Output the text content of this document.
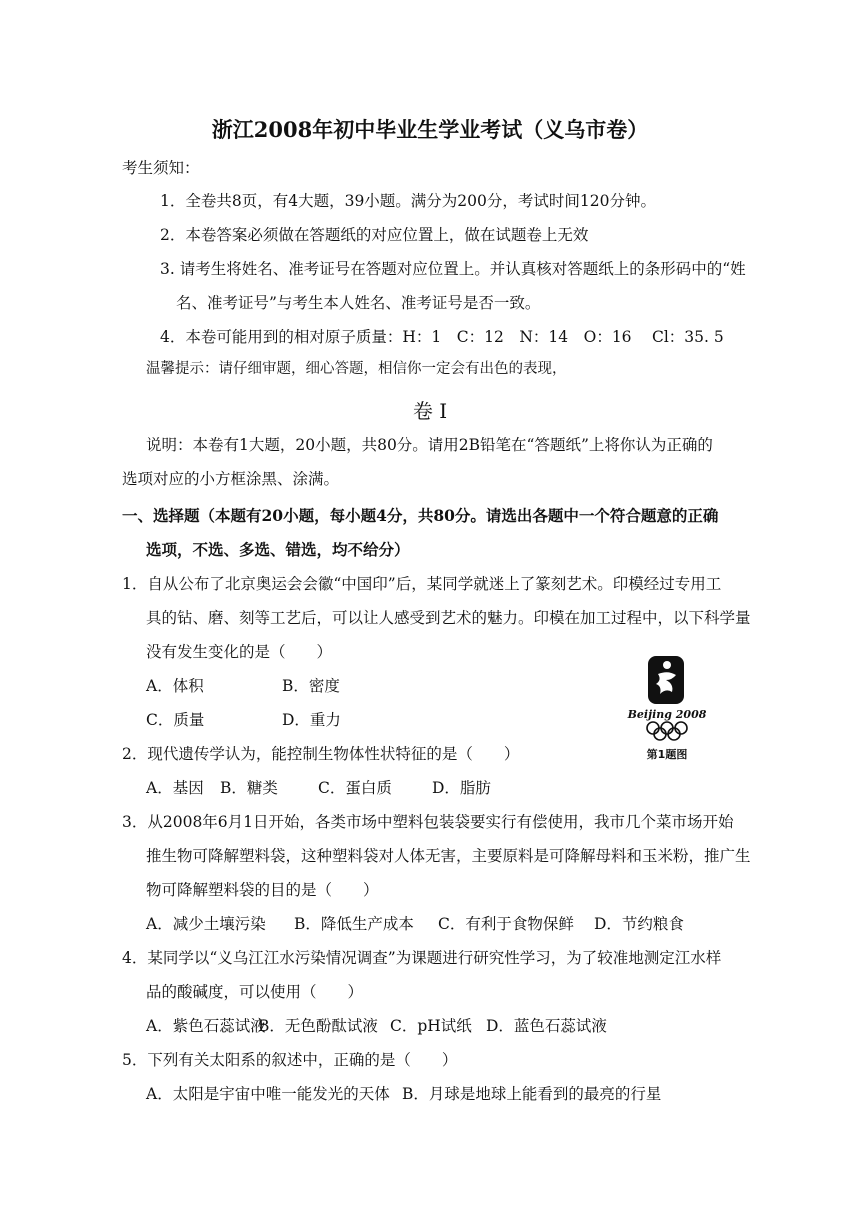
浙江2008年初中毕业生学业考试（义乌市卷）
考生须知：
1．全卷共8页，有4大题，39小题。满分为200分，考试时间120分钟。
2．本卷答案必须做在答题纸的对应位置上，做在试题卷上无效
3. 请考生将姓名、准考证号在答题对应位置上。并认真核对答题纸上的条形码中的“姓
名、准考证号”与考生本人姓名、准考证号是否一致。
4．本卷可能用到的相对原子质量：H：1　C：12　N：14　O：16　 Cl：35. 5
温馨提示：请仔细审题，细心答题，相信你一定会有出色的表现，
卷 I
说明：本卷有1大题，20小题，共80分。请用2B铅笔在“答题纸”上将你认为正确的
选项对应的小方框涂黑、涂满。
一、选择题（本题有20小题，每小题4分，共80分。请选出各题中一个符合题意的正确
选项，不选、多选、错选，均不给分）
1．自从公布了北京奥运会会徽“中国印”后，某同学就迷上了篆刻艺术。印模经过专用工
具的钻、磨、刻等工艺后，可以让人感受到艺术的魅力。印模在加工过程中，以下科学量
没有发生变化的是（　　）
A．体积	B．密度
C．质量	D．重力	Beijing 2008
第1题图
2．现代遗传学认为，能控制生物体性状特征的是（　　）
A．基因 B．糖类	C．蛋白质	D．脂肪
3．从2008年6月1日开始，各类市场中塑料包装袋要实行有偿使用，我市几个菜市场开始
推生物可降解塑料袋，这种塑料袋对人体无害，主要原料是可降解母料和玉米粉，推广生
物可降解塑料袋的目的是（　　）
A．减少土壤污染 B．降低生产成本 C．有利于食物保鲜 D．节约粮食
4．某同学以“义乌江江水污染情况调查”为课题进行研究性学习，为了较准地测定江水样
品的酸碱度，可以使用（　　）
A．紫色石蕊试液
B．无色酚酞试液 C．pH试纸 D．蓝色石蕊试液
5．下列有关太阳系的叙述中，正确的是（　　）
A．太阳是宇宙中唯一能发光的天体 B．月球是地球上能看到的最亮的行星
